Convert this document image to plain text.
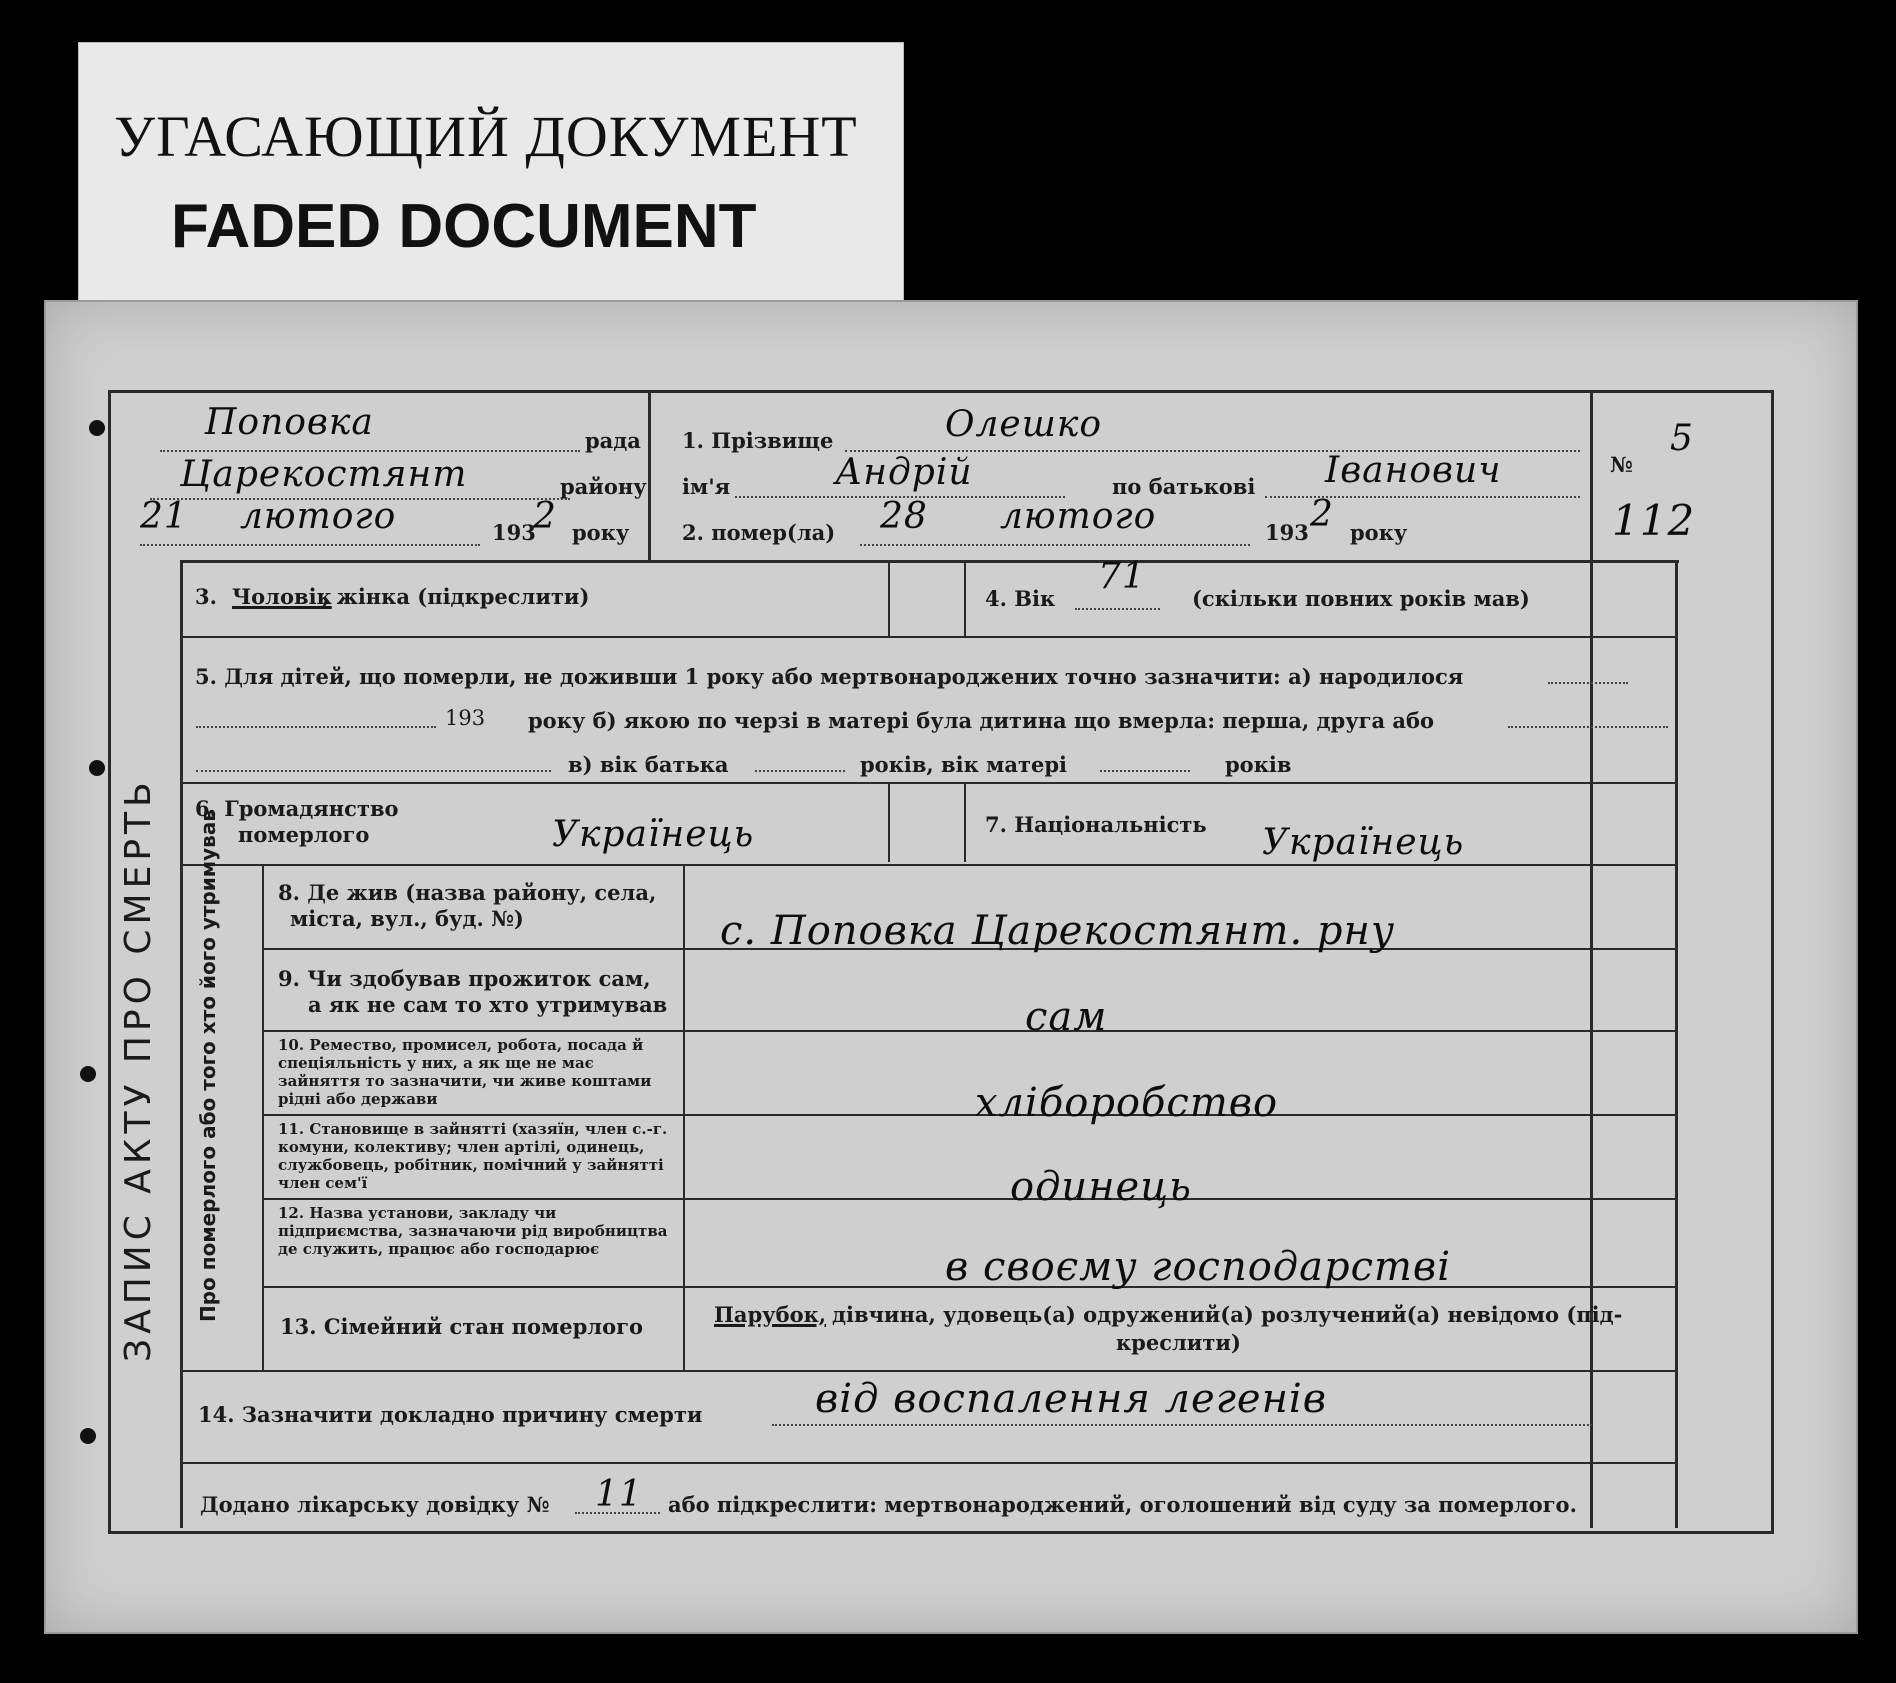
УГАСАЮЩИЙ ДОКУМЕНТ
FADED DOCUMENT
ЗАПИС АКТУ ПРО СМЕРТЬ Про померлого або того хто його утримував
Поповка	рада
Царекостянт	району
21 лютого	193
2 року
1. Прізвище	Олешко
ім'я	Андрій	по батькові Іванович
2. помер(ла) 28 лютого	193 2 року
№
5
112
3. Чоловік
, жінка (підкреслити)	4. Вік
71
(скільки повних років мав)
5. Для дітей, що померли, не доживши 1 року або мертвонароджених точно зазначити: а) народилося
193 року б) якою по черзі в матері була дитина що вмерла: перша, друга або
в) вік батька	років, вік матері	років
6. Громадянство
померлого	Українець	7. Національність Українець
8. Де жив (назва району, села,
міста, вул., буд. №)	с. Поповка Царекостянт. рну
9. Чи здобував прожиток сам,
а як не сам то хто утримував	сам
10. Ремество, промисел, робота, посада й спеціяльність у них, а як ще не має зайняття то зазначити, чи живе коштами рідні або держави	хліборобство
11. Становище в зайнятті (хазяїн, член с.-г. комуни, колективу; член артілі, одинець, службовець, робітник, помічний у зайнятті член сем'ї	одинець
12. Назва установи, закладу чи підприємства, зазначаючи рід виробництва де служить, працює або господарює	в своєму господарстві
13. Сімейний стан померлого	Парубок, дівчина, удовець(а) одружений(а) розлучений(а) невідомо (під-
креслити)
14. Зазначити докладно причину смерти	від воспалення легенів
Додано лікарську довідку № 11 або підкреслити: мертвонароджений, оголошений від суду за померлого.
